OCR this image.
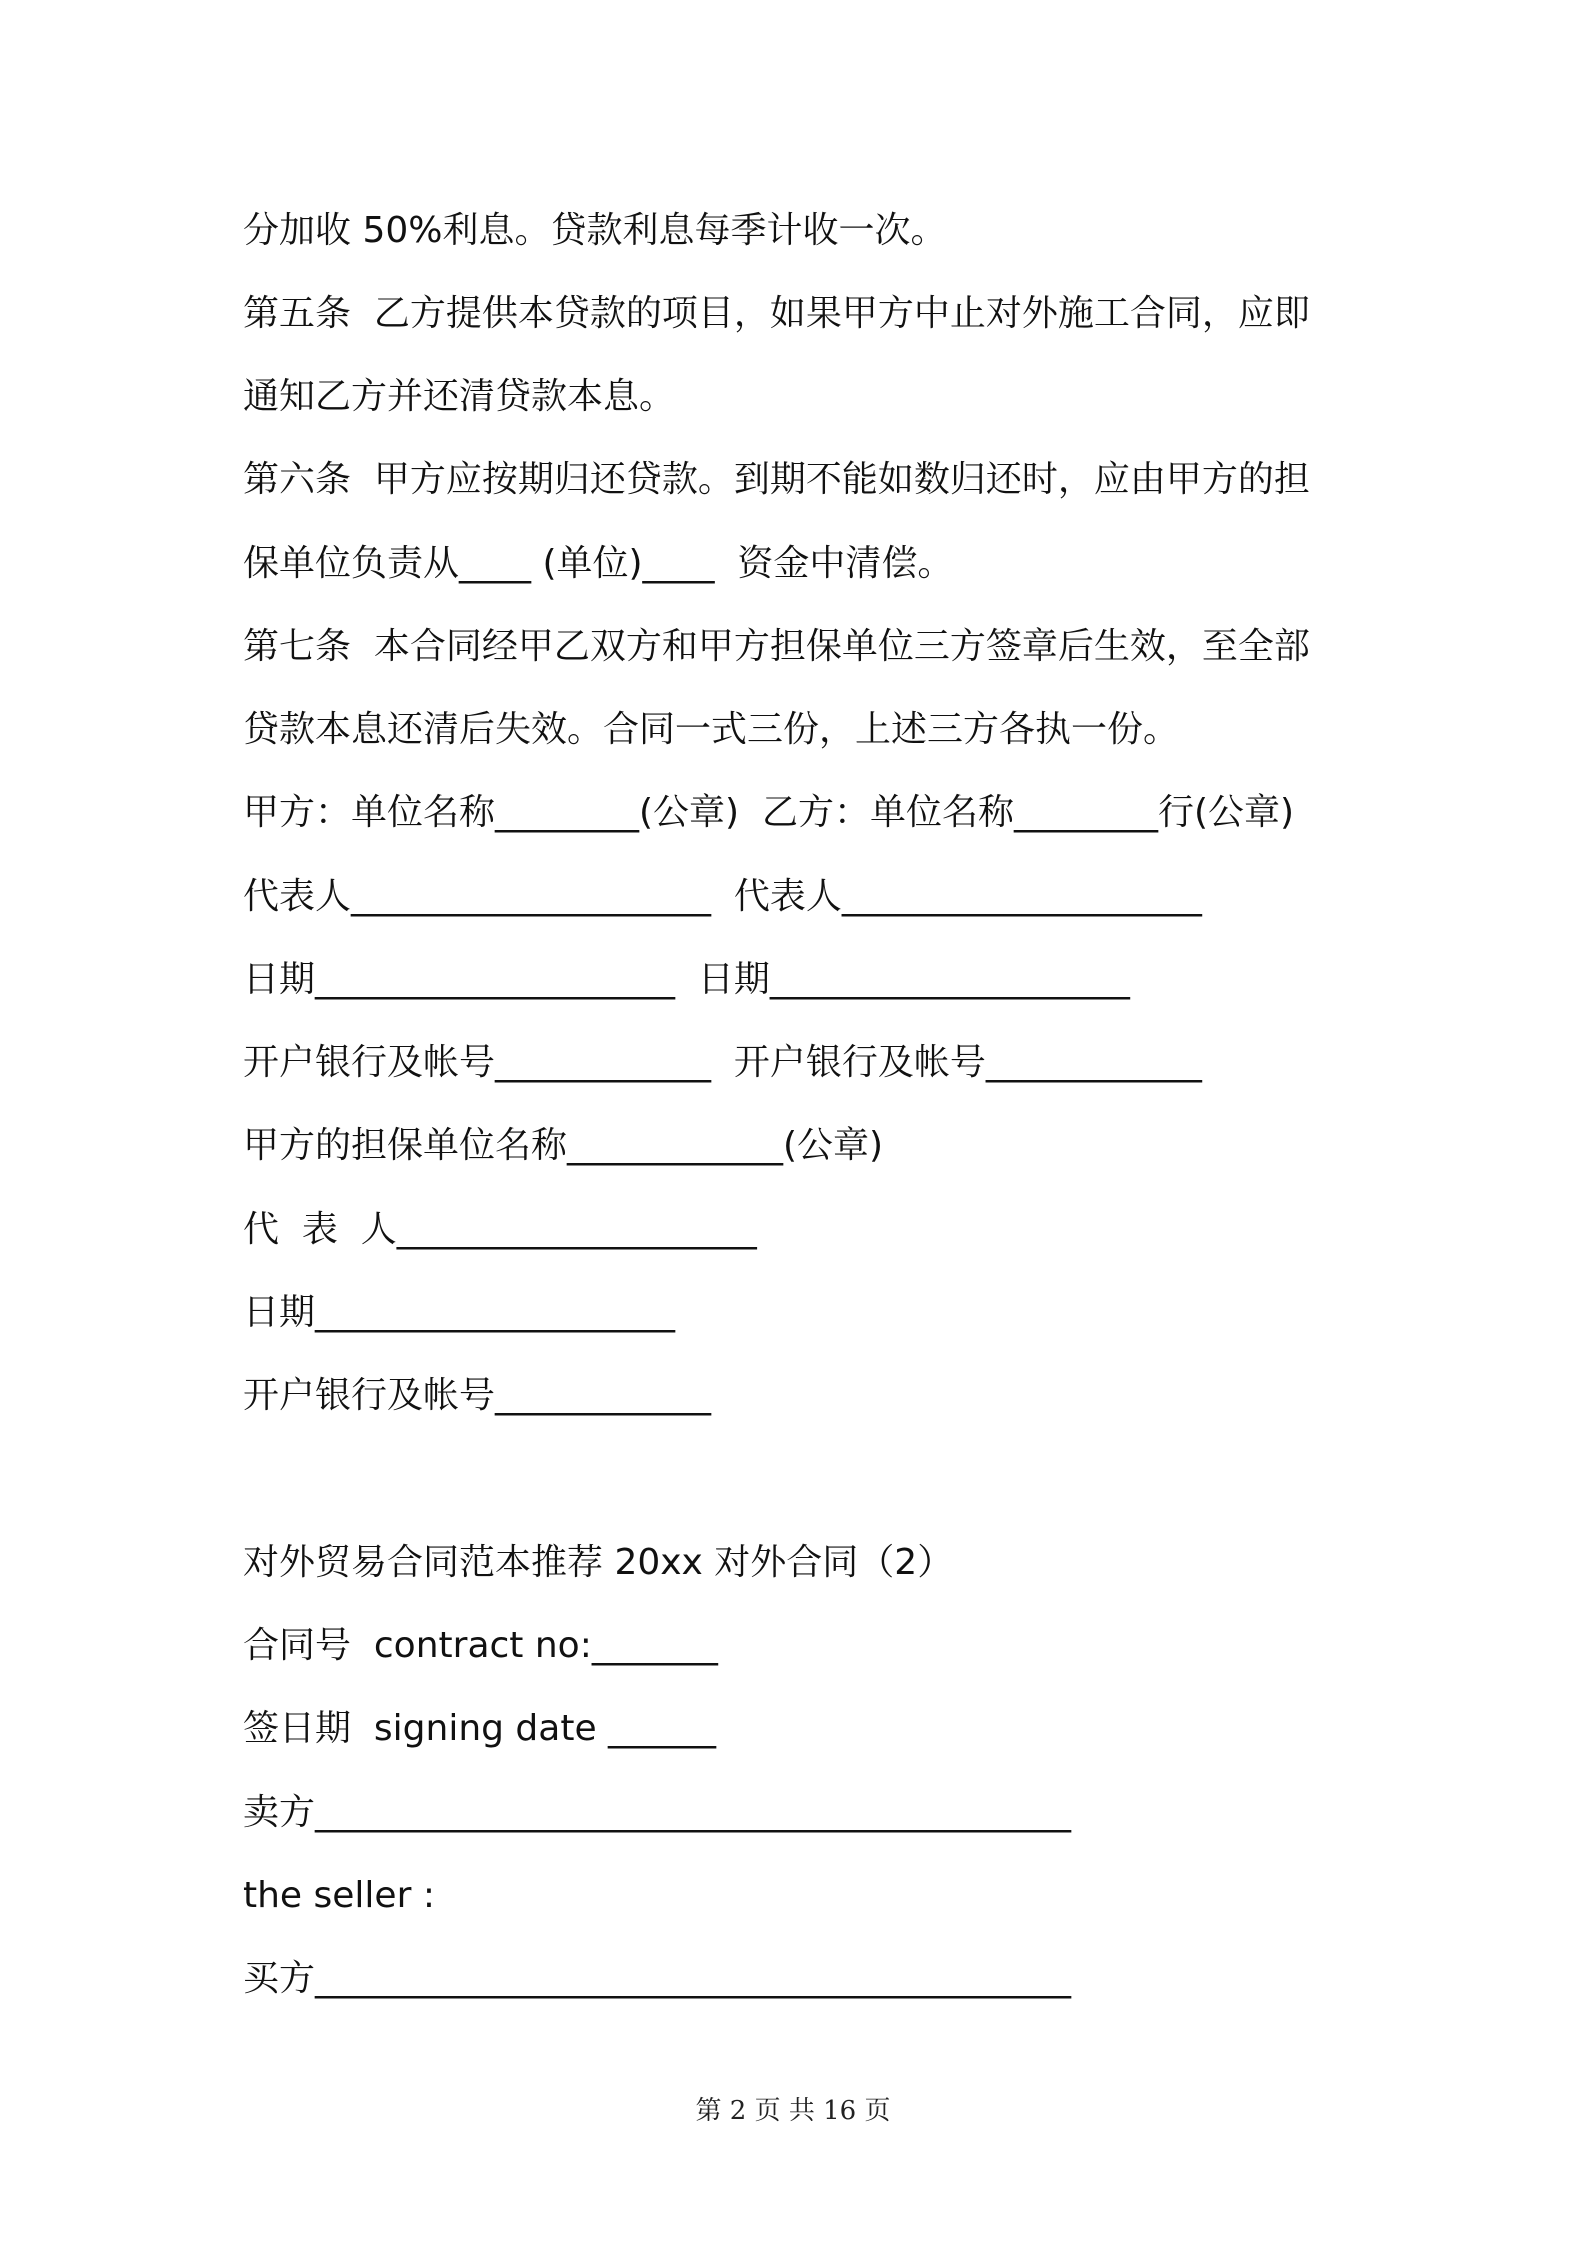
分加收 50%利息。贷款利息每季计收一次。
第五条  乙方提供本贷款的项目，如果甲方中止对外施工合同，应即
通知乙方并还清贷款本息。
第六条  甲方应按期归还贷款。到期不能如数归还时，应由甲方的担
保单位负责从____ (单位)____  资金中清偿。
第七条  本合同经甲乙双方和甲方担保单位三方签章后生效，至全部
贷款本息还清后失效。合同一式三份，上述三方各执一份。
甲方：单位名称________(公章)  乙方：单位名称________行(公章)
代表人____________________  代表人____________________
日期____________________  日期____________________
开户银行及帐号____________  开户银行及帐号____________
甲方的担保单位名称____________(公章)
代  表  人____________________
日期____________________
开户银行及帐号____________
对外贸易合同范本推荐 20xx 对外合同（2）
合同号  contract no:_______
签日期  signing date ______
卖方__________________________________________
the seller :
买方__________________________________________
第 2 页 共 16 页
